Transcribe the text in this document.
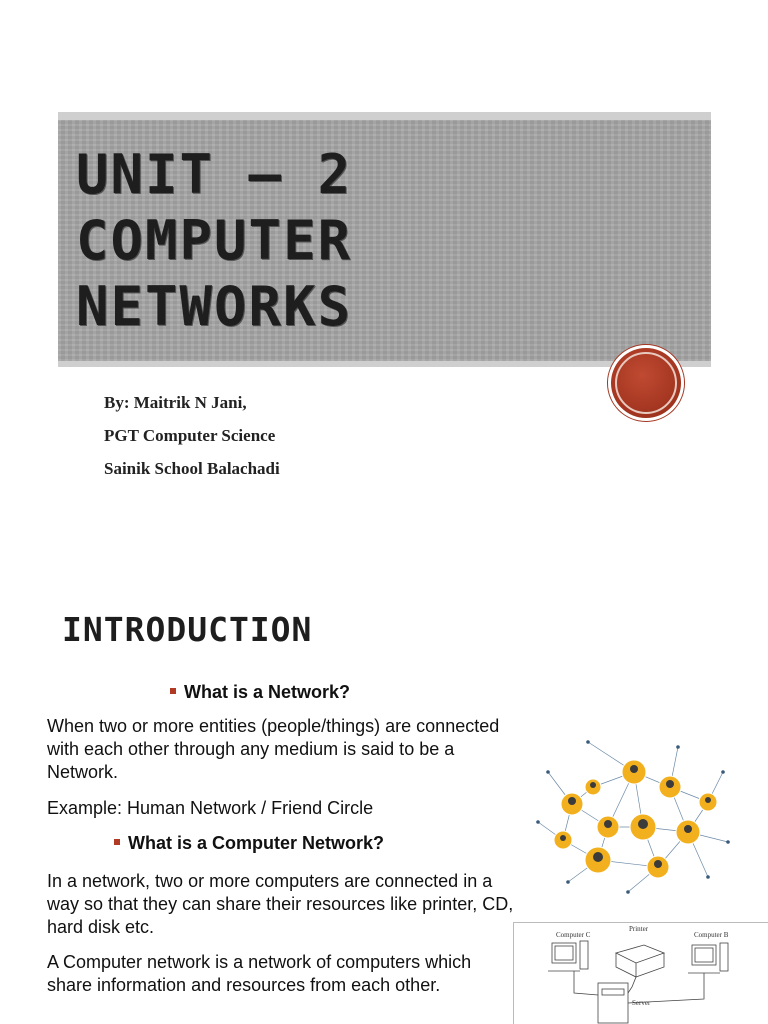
UNIT – 2
COMPUTER
NETWORKS

By: Maitrik N Jani,
PGT Computer Science
Sainik School Balachadi
INTRODUCTION
What is a Network?
When two or more entities (people/things) are connected with each other through any medium is said to be a Network.
Example: Human Network / Friend Circle
What is a Computer Network?
In a network, two or more computers are connected in a way so that they can share their resources like printer, CD, hard disk etc.
A Computer network is a network of computers which share information and resources from each other.
Computer C
Printer
Computer B
Server
